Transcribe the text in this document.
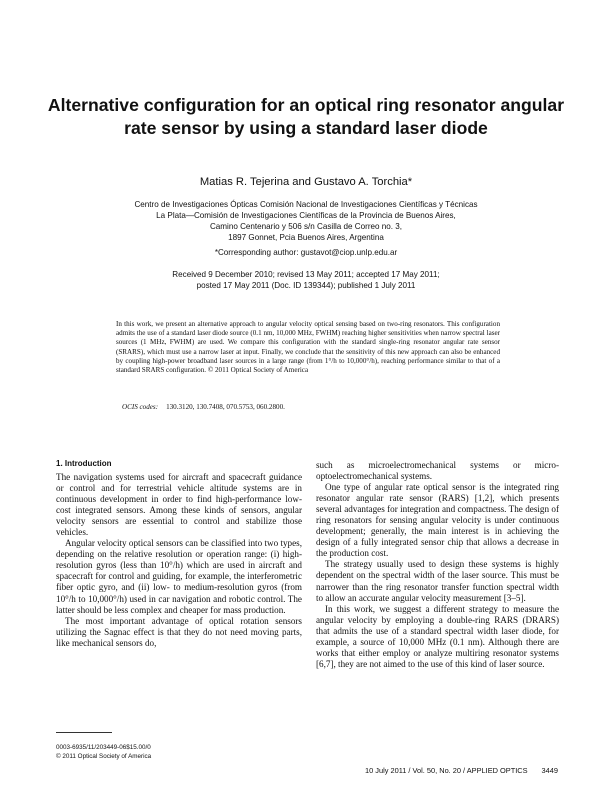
Alternative configuration for an optical ring resonator angular rate sensor by using a standard laser diode
Matias R. Tejerina and Gustavo A. Torchia*
Centro de Investigaciones Ópticas Comisión Nacional de Investigaciones Científicas y Técnicas
La Plata—Comisión de Investigaciones Científicas de la Provincia de Buenos Aires,
Camino Centenario y 506 s/n Casilla de Correo no. 3,
1897 Gonnet, Pcia Buenos Aires, Argentina
*Corresponding author: gustavot@ciop.unlp.edu.ar
Received 9 December 2010; revised 13 May 2011; accepted 17 May 2011;
posted 17 May 2011 (Doc. ID 139344); published 1 July 2011
In this work, we present an alternative approach to angular velocity optical sensing based on two-ring resonators. This configuration admits the use of a standard laser diode source (0.1 nm, 10,000 MHz, FWHM) reaching higher sensitivities when narrow spectral laser sources (1 MHz, FWHM) are used. We compare this configuration with the standard single-ring resonator angular rate sensor (SRARS), which must use a narrow laser at input. Finally, we conclude that the sensitivity of this new approach can also be enhanced by coupling high-power broadband laser sources in a large range (from 1°/h to 10,000°/h), reaching performance similar to that of a standard SRARS configuration. © 2011 Optical Society of America
OCIS codes: 130.3120, 130.7408, 070.5753, 060.2800.
1. Introduction

The navigation systems used for aircraft and spacecraft guidance or control and for terrestrial vehicle altitude systems are in continuous development in order to find high-performance low-cost integrated sensors. Among these kinds of sensors, angular velocity sensors are essential to control and stabilize those vehicles.

Angular velocity optical sensors can be classified into two types, depending on the relative resolution or operation range: (i) high-resolution gyros (less than 10°/h) which are used in aircraft and spacecraft for control and guiding, for example, the interferometric fiber optic gyro, and (ii) low- to medium-resolution gyros (from 10°/h to 10,000°/h) used in car navigation and robotic control. The latter should be less complex and cheaper for mass production.

The most important advantage of optical rotation sensors utilizing the Sagnac effect is that they do not need moving parts, like mechanical sensors do,

such as microelectromechanical systems or micro-optoelectromechanical systems.

One type of angular rate optical sensor is the integrated ring resonator angular rate sensor (RARS) [1,2], which presents several advantages for integration and compactness. The design of ring resonators for sensing angular velocity is under continuous development; generally, the main interest is in achieving the design of a fully integrated sensor chip that allows a decrease in the production cost.

The strategy usually used to design these systems is highly dependent on the spectral width of the laser source. This must be narrower than the ring resonator transfer function spectral width to allow an accurate angular velocity measurement [3–5].

In this work, we suggest a different strategy to measure the angular velocity by employing a double-ring RARS (DRARS) that admits the use of a standard spectral width laser diode, for example, a source of 10,000 MHz (0.1 nm). Although there are works that either employ or analyze multiring resonator systems [6,7], they are not aimed to the use of this kind of laser source.

0003-6935/11/203449-06$15.00/0
© 2011 Optical Society of America
10 July 2011 / Vol. 50, No. 20 / APPLIED OPTICS 3449
